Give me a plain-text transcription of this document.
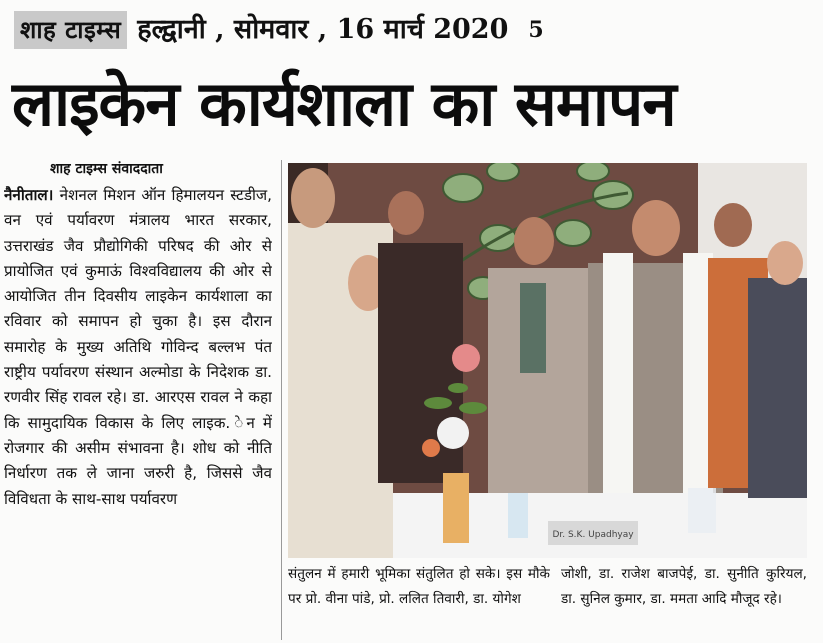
शाह टाइम्स हल्द्वानी , सोमवार , 16 मार्च 2020 5
लाइकेन कार्यशाला का समापन
शाह टाइम्स संवाददाता
नैनीताल। नेशनल मिशन ऑन हिमालयन स्टडीज, वन एवं पर्यावरण मंत्रालय भारत सरकार, उत्तराखंड जैव प्रौद्योगिकी परिषद की ओर से प्रायोजित एवं कुमाऊं विश्वविद्यालय की ओर से आयोजित तीन दिवसीय लाइकेन कार्यशाला का रविवार को समापन हो चुका है। इस दौरान समारोह के मुख्य अतिथि गोविन्द बल्लभ पंत राष्ट्रीय पर्यावरण संस्थान अल्मोडा के निदेशक डा. रणवीर सिंह रावल रहे। डा. आरएस रावल ने कहा कि सामुदायिक विकास के लिए लाइक. ेन में रोजगार की असीम संभावना है। शोध को नीति निर्धारण तक ले जाना जरुरी है, जिससे जैव विविधता के साथ-साथ पर्यावरण
Dr. S.K. Upadhyay
संतुलन में हमारी भूमिका संतुलित हो सके। इस मौके पर प्रो. वीना पांडे, प्रो. ललित तिवारी, डा. योगेश
जोशी, डा. राजेश बाजपेई, डा. सुनीति कुरियल, डा. सुनिल कुमार, डा. ममता आदि मौजूद रहे।
